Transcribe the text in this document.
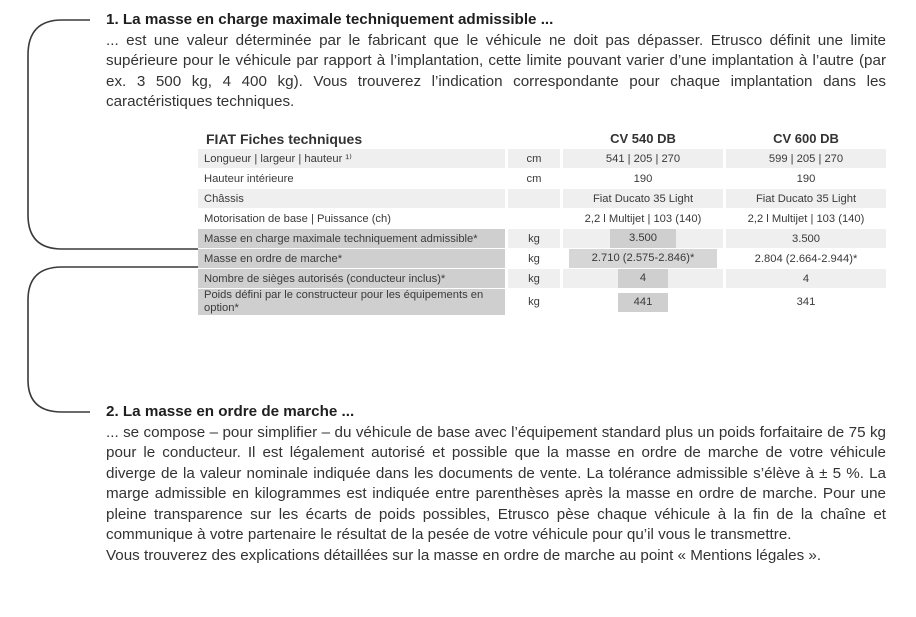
1. La masse en charge maximale techniquement admissible ...
... est une valeur déterminée par le fabricant que le véhicule ne doit pas dépasser. Etrusco définit une limite supérieure pour le véhicule par rapport à l’implantation, cette limite pouvant varier d’une implantation à l’autre (par ex. 3 500 kg, 4 400 kg). Vous trouverez l’indication correspondante pour chaque implantation dans les caractéristiques techniques.
FIAT Fiches techniques				CV 540 DB		CV 600 DB
Longueur | largeur | hauteur ¹⁾		cm		541 | 205 | 270		599 | 205 | 270
Hauteur intérieure		cm		190		190
Châssis				Fiat Ducato 35 Light		Fiat Ducato 35 Light
Motorisation de base | Puissance (ch)				2,2 l Multijet | 103 (140)		2,2 l Multijet | 103 (140)
Masse en charge maximale techniquement admissible*		kg		3.500		3.500
Masse en ordre de marche*		kg		2.710 (2.575-2.846)*		2.804 (2.664-2.944)*
Nombre de sièges autorisés (conducteur inclus)*		kg		4		4
Poids défini par le constructeur pour les équipements en option*		kg		441		341
2. La masse en ordre de marche ...
... se compose – pour simplifier – du véhicule de base avec l’équipement standard plus un poids forfaitaire de 75 kg pour le conducteur. Il est légalement autorisé et possible que la masse en ordre de marche de votre véhicule diverge de la valeur nominale indiquée dans les documents de vente. La tolérance admissible s’élève à ± 5 %. La marge admissible en kilogrammes est indiquée entre parenthèses après la masse en ordre de marche. Pour une pleine transparence sur les écarts de poids possibles, Etrusco pèse chaque véhicule à la fin de la chaîne et communique à votre partenaire le résultat de la pesée de votre véhicule pour qu’il vous le transmettre.
Vous trouverez des explications détaillées sur la masse en ordre de marche au point « Mentions légales ».
